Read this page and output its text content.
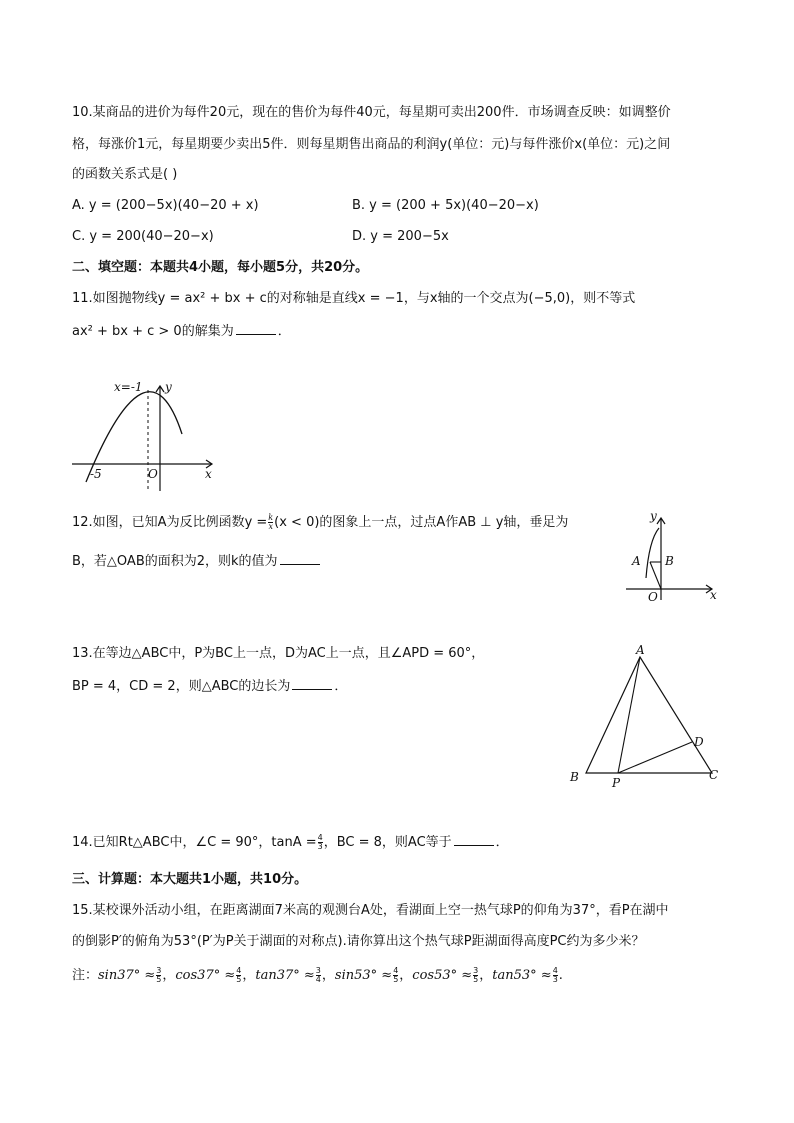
10.某商品的进价为每件20元，现在的售价为每件40元，每星期可卖出200件．市场调查反映：如调整价
格，每涨价1元，每星期要少卖出5件．则每星期售出商品的利润y(单位：元)与每件涨价x(单位：元)之间
的函数关系式是( )
A. y = (200−5x)(40−20 + x)	B. y = (200 + 5x)(40−20−x)
C. y = 200(40−20−x)	D. y = 200−5x
二、填空题：本题共4小题，每小题5分，共20分。
11.如图抛物线y = ax² + bx + c的对称轴是直线x = −1，与x轴的一个交点为(−5,0)，则不等式
ax² + bx + c > 0的解集为	．
x=-1 y
-5	O	x
12.如图，已知A为反比例函数$y = \frac{k}{x} (x < 0)$的图象上一点，过点A作AB ⊥ y轴，垂足为
B，若△OAB的面积为2，则k的值为
y
A B
O	x
13.在等边△ABC中，P为BC上一点，D为AC上一点，且∠APD = 60°，
BP = 4，CD = 2，则△ABC的边长为	．
A
B	C
D
P
14.已知Rt△ABC中，∠C = 90°，$\tan A = \frac{4}{3}$ ，BC = 8，则AC等于	．
三、计算题：本大题共1小题，共10分。
15.某校课外活动小组，在距离湖面7米高的观测台A处，看湖面上空一热气球P的仰角为37°，看P在湖中
的倒影P′的俯角为53°(P′为P关于湖面的对称点).请你算出这个热气球P距湖面得高度PC约为多少米？
注：$\sin 37^\circ \approx \frac{3}{5}$ ，$\cos 37^\circ \approx \frac{4}{5}$ ，$\tan 37^\circ \approx \frac{3}{4}$ ，$\sin 53^\circ \approx \frac{4}{5}$ ，$\cos 53^\circ \approx \frac{3}{5}$ ，$\tan 53^\circ \approx \frac{4}{3}$ .
